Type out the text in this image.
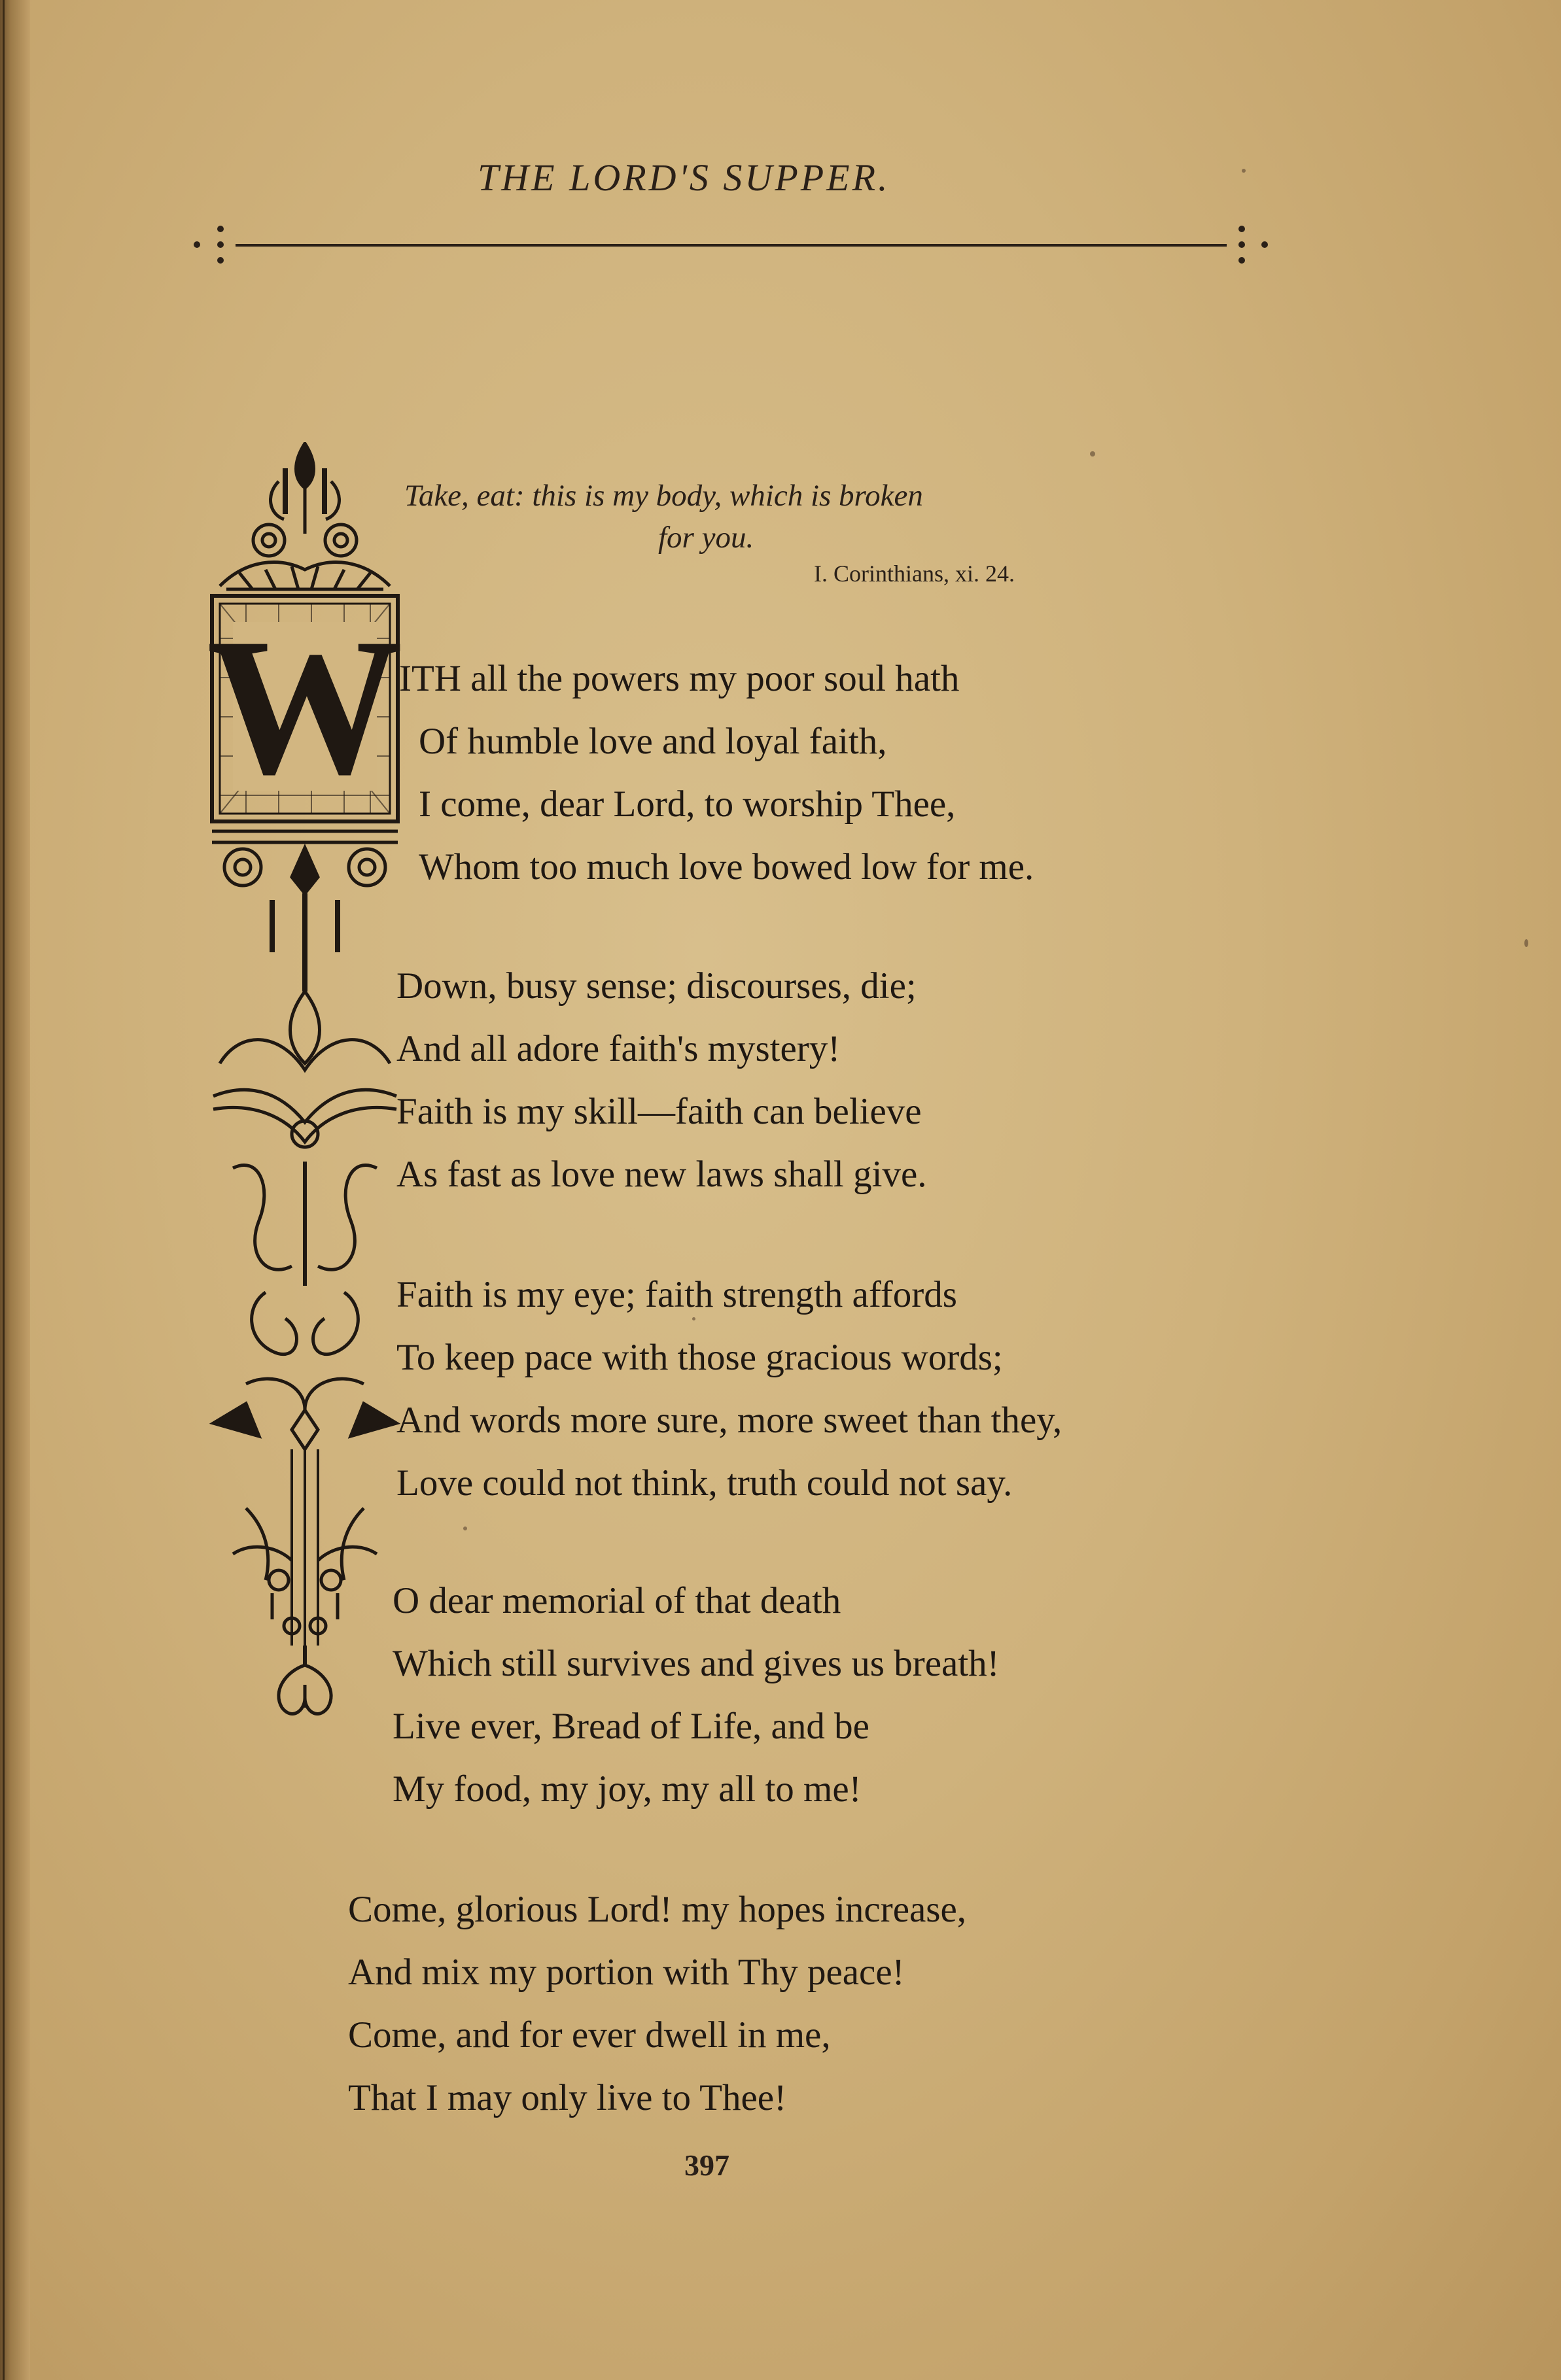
THE LORD'S SUPPER.
Take, eat: this is my body, which is broken
for you.
I. Corinthians, xi. 24.
W
ITH all the powers my poor soul hath
Of humble love and loyal faith,
I come, dear Lord, to worship Thee,
Whom too much love bowed low for me.
Down, busy sense; discourses, die;
And all adore faith's mystery!
Faith is my skill—faith can believe
As fast as love new laws shall give.
Faith is my eye; faith strength affords
To keep pace with those gracious words;
And words more sure, more sweet than they,
Love could not think, truth could not say.
O dear memorial of that death
Which still survives and gives us breath!
Live ever, Bread of Life, and be
My food, my joy, my all to me!
Come, glorious Lord! my hopes increase,
And mix my portion with Thy peace!
Come, and for ever dwell in me,
That I may only live to Thee!
397
